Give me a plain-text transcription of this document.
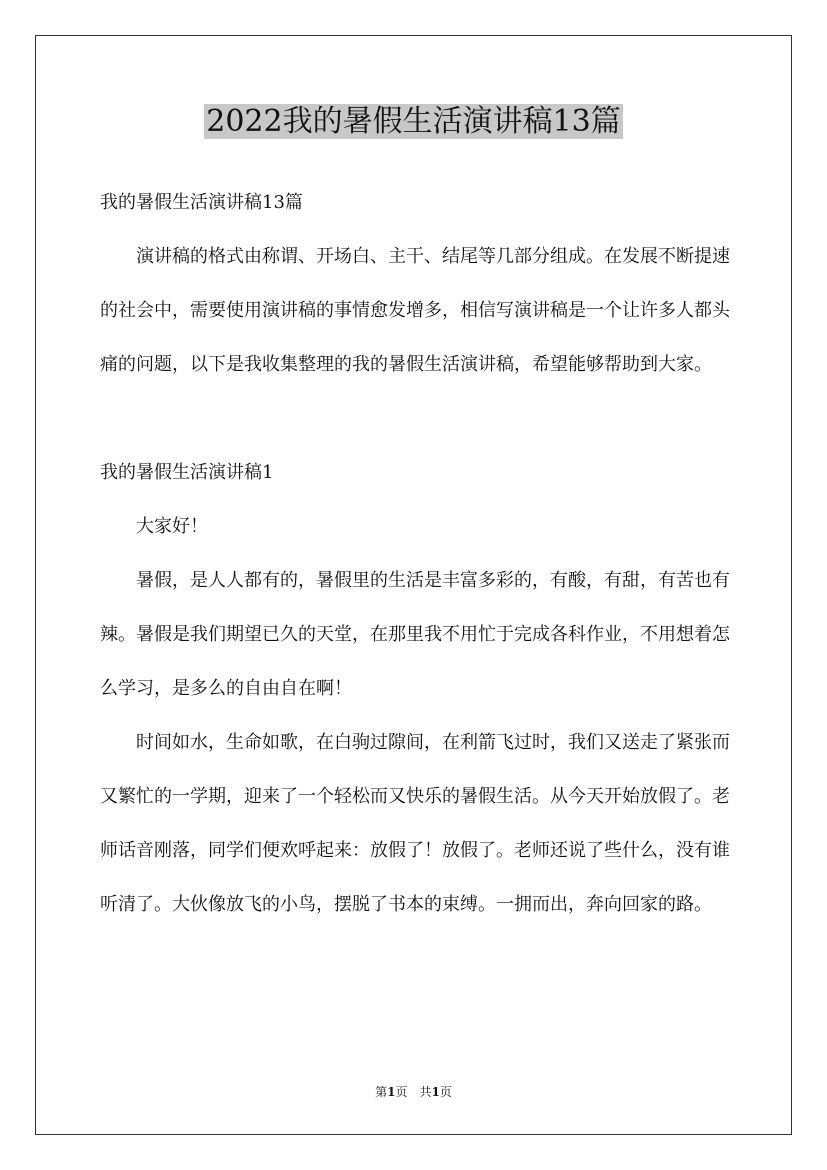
2022我的暑假生活演讲稿13篇

我的暑假生活演讲稿13篇

演讲稿的格式由称谓、开场白、主干、结尾等几部分组成。在发展不断提速的社会中，需要使用演讲稿的事情愈发增多，相信写演讲稿是一个让许多人都头痛的问题，以下是我收集整理的我的暑假生活演讲稿，希望能够帮助到大家。

我的暑假生活演讲稿1

大家好！

暑假，是人人都有的，暑假里的生活是丰富多彩的，有酸，有甜，有苦也有辣。暑假是我们期望已久的天堂，在那里我不用忙于完成各科作业，不用想着怎么学习，是多么的自由自在啊！

时间如水，生命如歌，在白驹过隙间，在利箭飞过时，我们又送走了紧张而又繁忙的一学期，迎来了一个轻松而又快乐的暑假生活。从今天开始放假了。老师话音刚落，同学们便欢呼起来：放假了！放假了。老师还说了些什么，没有谁听清了。大伙像放飞的小鸟，摆脱了书本的束缚。一拥而出，奔向回家的路。

第1页　共1页
